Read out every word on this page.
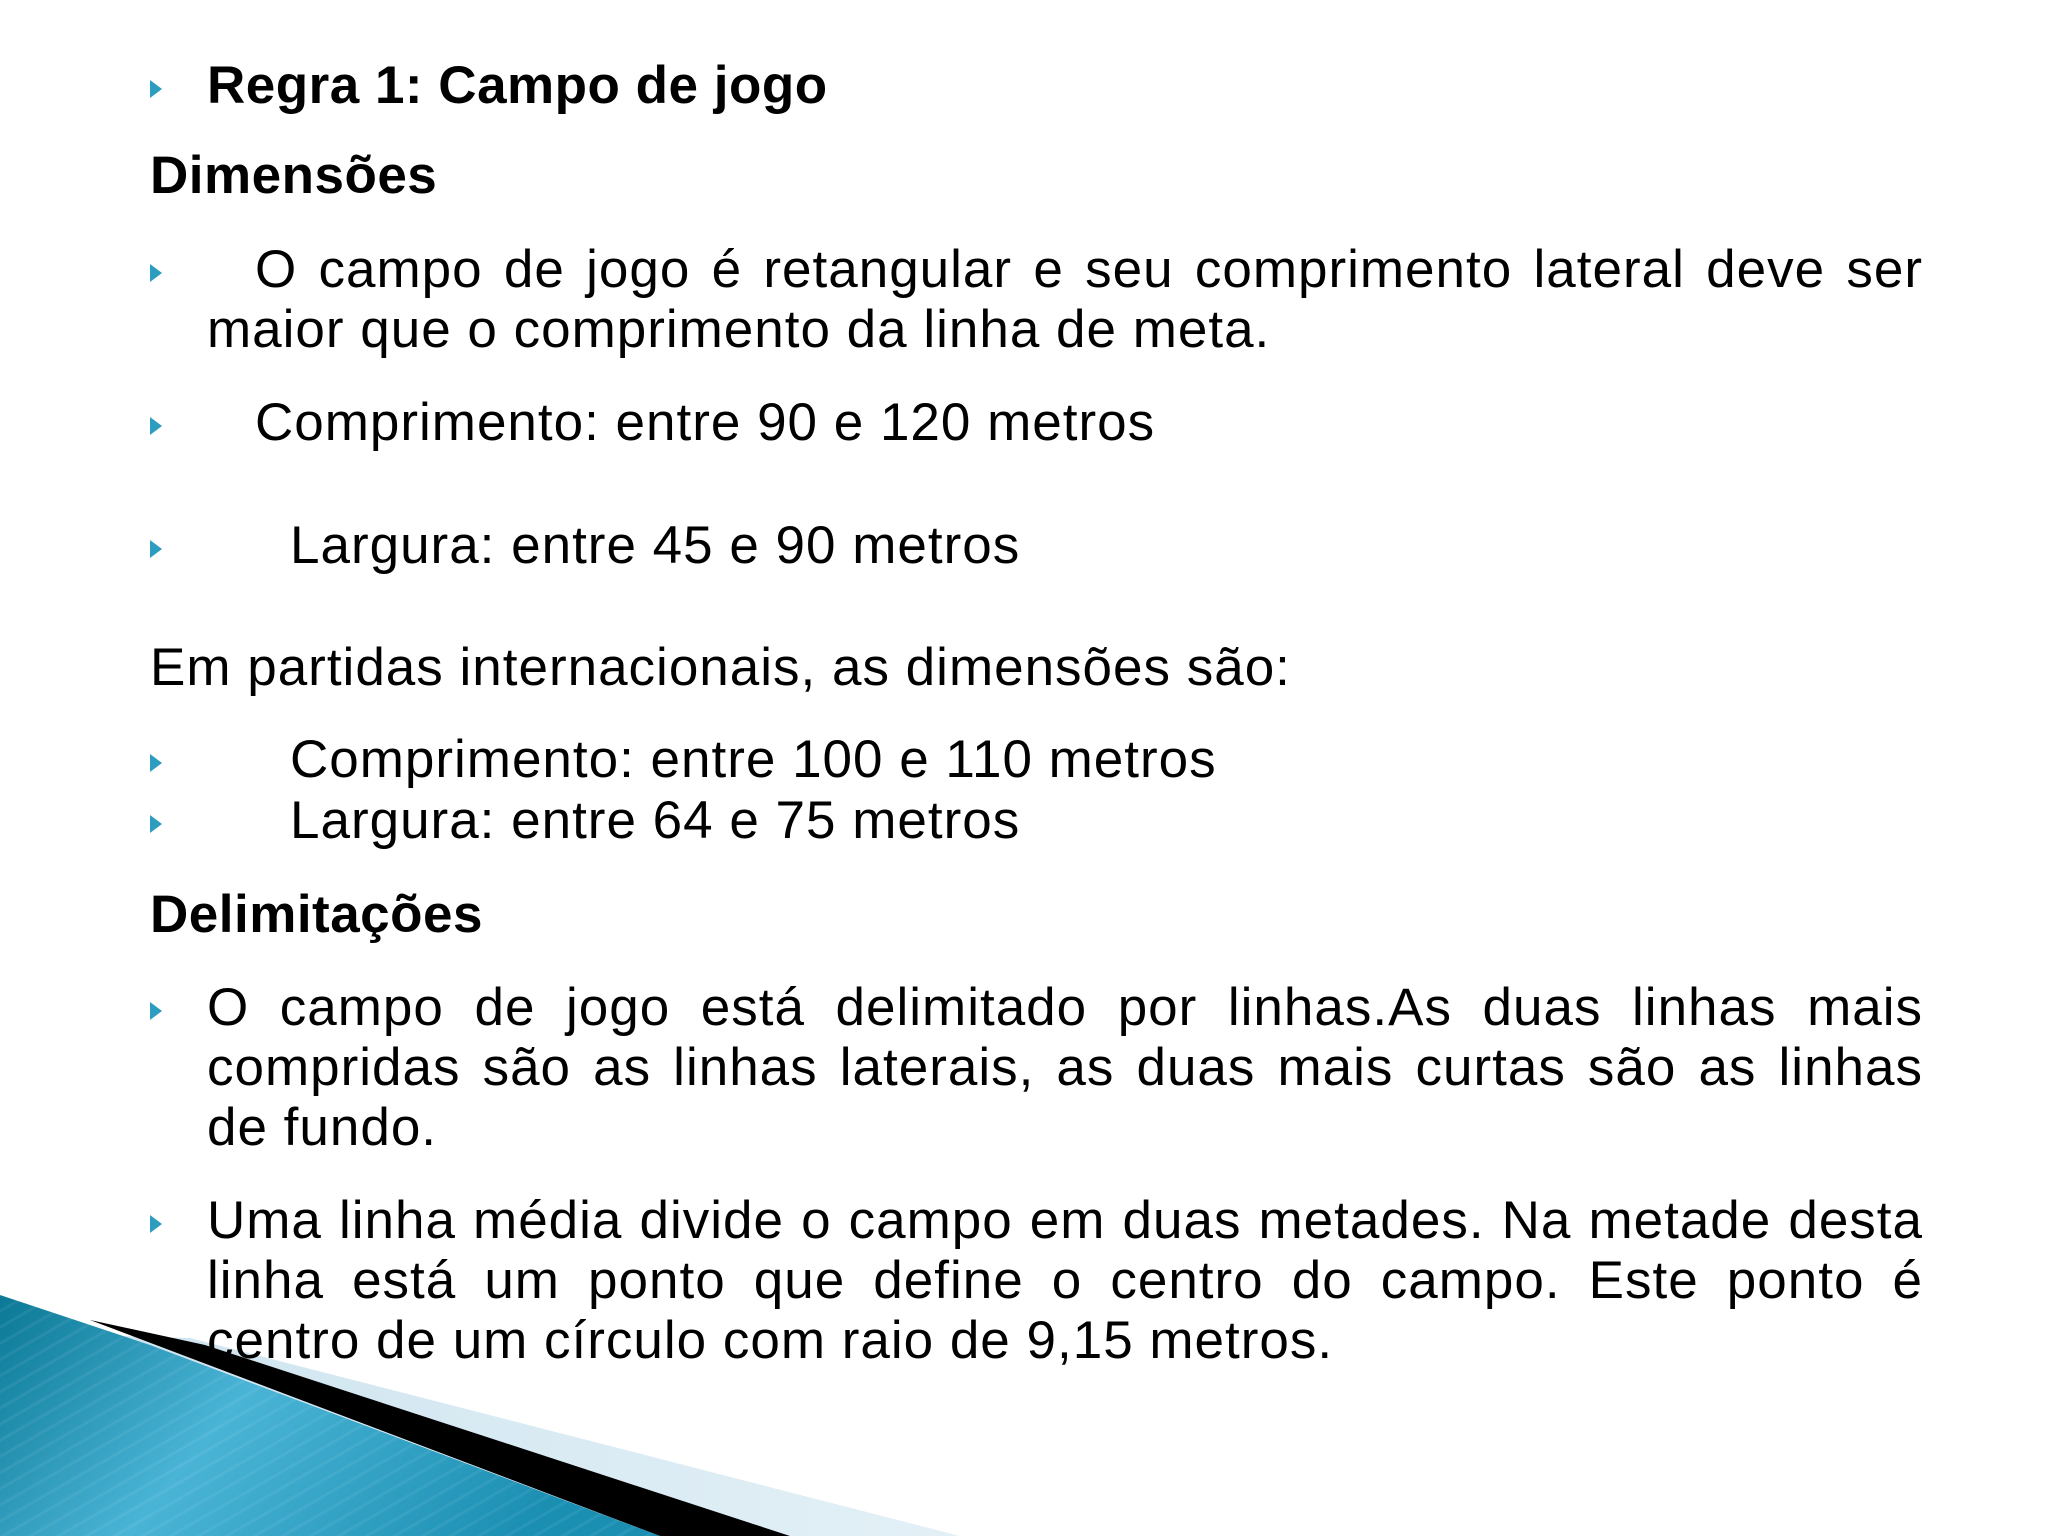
Regra 1: Campo de jogo
Dimensões
O campo de jogo é retangular e seu comprimento lateral deve ser
maior que o comprimento da linha de meta.
Comprimento: entre 90 e 120 metros
Largura: entre 45 e 90 metros
Em partidas internacionais, as dimensões são:
Comprimento: entre 100 e 110 metros
Largura: entre 64 e 75 metros
Delimitações
O campo de jogo está delimitado por linhas.As duas linhas mais
compridas são as linhas laterais, as duas mais curtas são as linhas
de fundo.
Uma linha média divide o campo em duas metades. Na metade desta
linha está um ponto que define o centro do campo. Este ponto é
centro de um círculo com raio de 9,15 metros.
